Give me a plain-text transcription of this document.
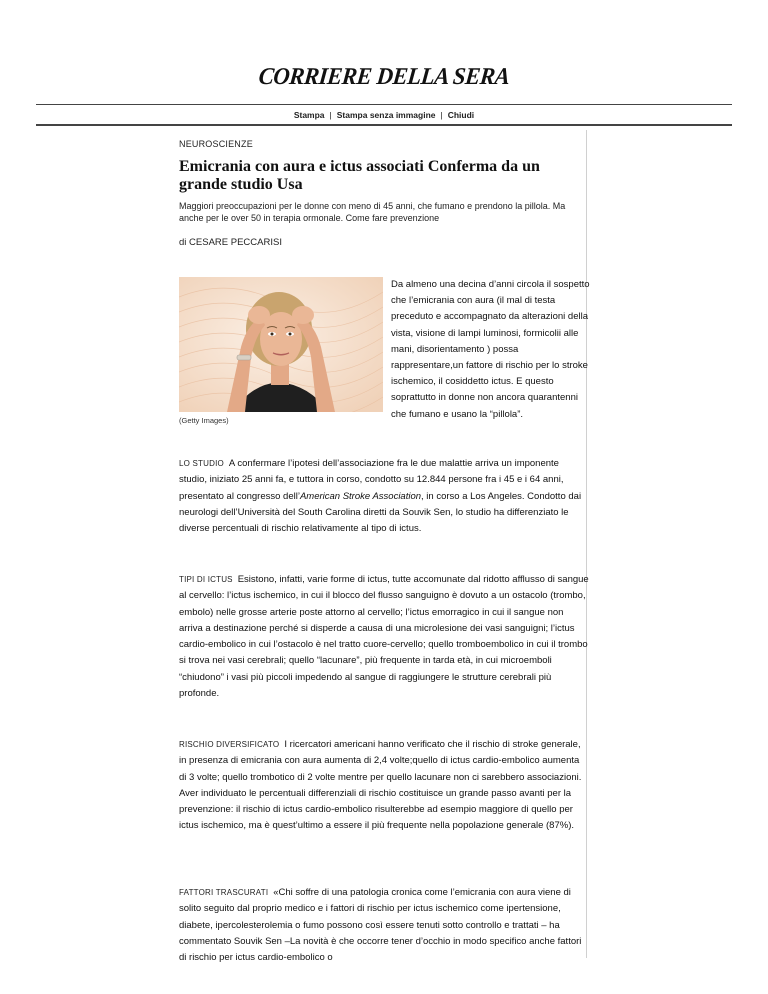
CORRIERE DELLA SERA
Stampa | Stampa senza immagine | Chiudi
NEUROSCIENZE
Emicrania con aura e ictus associati Conferma da un grande studio Usa
Maggiori preoccupazioni per le donne con meno di 45 anni, che fumano e prendono la pillola. Ma anche per le over 50 in terapia ormonale. Come fare prevenzione
di CESARE PECCARISI
(Getty Images)
Da almeno una decina d’anni circola il sospetto che l’emicrania con aura (il mal di testa preceduto e accompagnato da alterazioni della vista, visione di lampi luminosi, formicolii alle mani, disorientamento ) possa rappresentare,un fattore di rischio per lo stroke ischemico, il cosiddetto ictus. E questo soprattutto in donne non ancora quarantenni che fumano e usano la “pillola”.
LO STUDIO A confermare l’ipotesi dell’associazione fra le due malattie arriva un imponente studio, iniziato 25 anni fa, e tuttora in corso, condotto su 12.844 persone fra i 45 e i 64 anni, presentato al congresso dell’American Stroke Association, in corso a Los Angeles. Condotto dai neurologi dell’Università del South Carolina diretti da Souvik Sen, lo studio ha differenziato le diverse percentuali di rischio relativamente al tipo di ictus.
TIPI DI ICTUS Esistono, infatti, varie forme di ictus, tutte accomunate dal ridotto afflusso di sangue al cervello: l’ictus ischemico, in cui il blocco del flusso sanguigno è dovuto a un ostacolo (trombo, embolo) nelle grosse arterie poste attorno al cervello; l’ictus emorragico in cui il sangue non arriva a destinazione perché si disperde a causa di una microlesione dei vasi sanguigni; l’ictus cardio-embolico in cui l’ostacolo è nel tratto cuore-cervello; quello tromboembolico in cui il trombo si trova nei vasi cerebrali; quello “lacunare”, più frequente in tarda età, in cui microemboli “chiudono” i vasi più piccoli impedendo al sangue di raggiungere le strutture cerebrali più profonde.
RISCHIO DIVERSIFICATO I ricercatori americani hanno verificato che il rischio di stroke generale, in presenza di emicrania con aura aumenta di 2,4 volte;quello di ictus cardio-embolico aumenta di 3 volte; quello trombotico di 2 volte mentre per quello lacunare non ci sarebbero associazioni. Aver individuato le percentuali differenziali di rischio costituisce un grande passo avanti per la prevenzione: il rischio di ictus cardio-embolico risulterebbe ad esempio maggiore di quello per ictus ischemico, ma è quest’ultimo a essere il più frequente nella popolazione generale (87%).
FATTORI TRASCURATI «Chi soffre di una patologia cronica come l’emicrania con aura viene di solito seguito dal proprio medico e i fattori di rischio per ictus ischemico come ipertensione, diabete, ipercolesterolemia o fumo possono così essere tenuti sotto controllo e trattati – ha commentato Souvik Sen –La novità è che occorre tener d’occhio in modo specifico anche fattori di rischio per ictus cardio-embolico o
